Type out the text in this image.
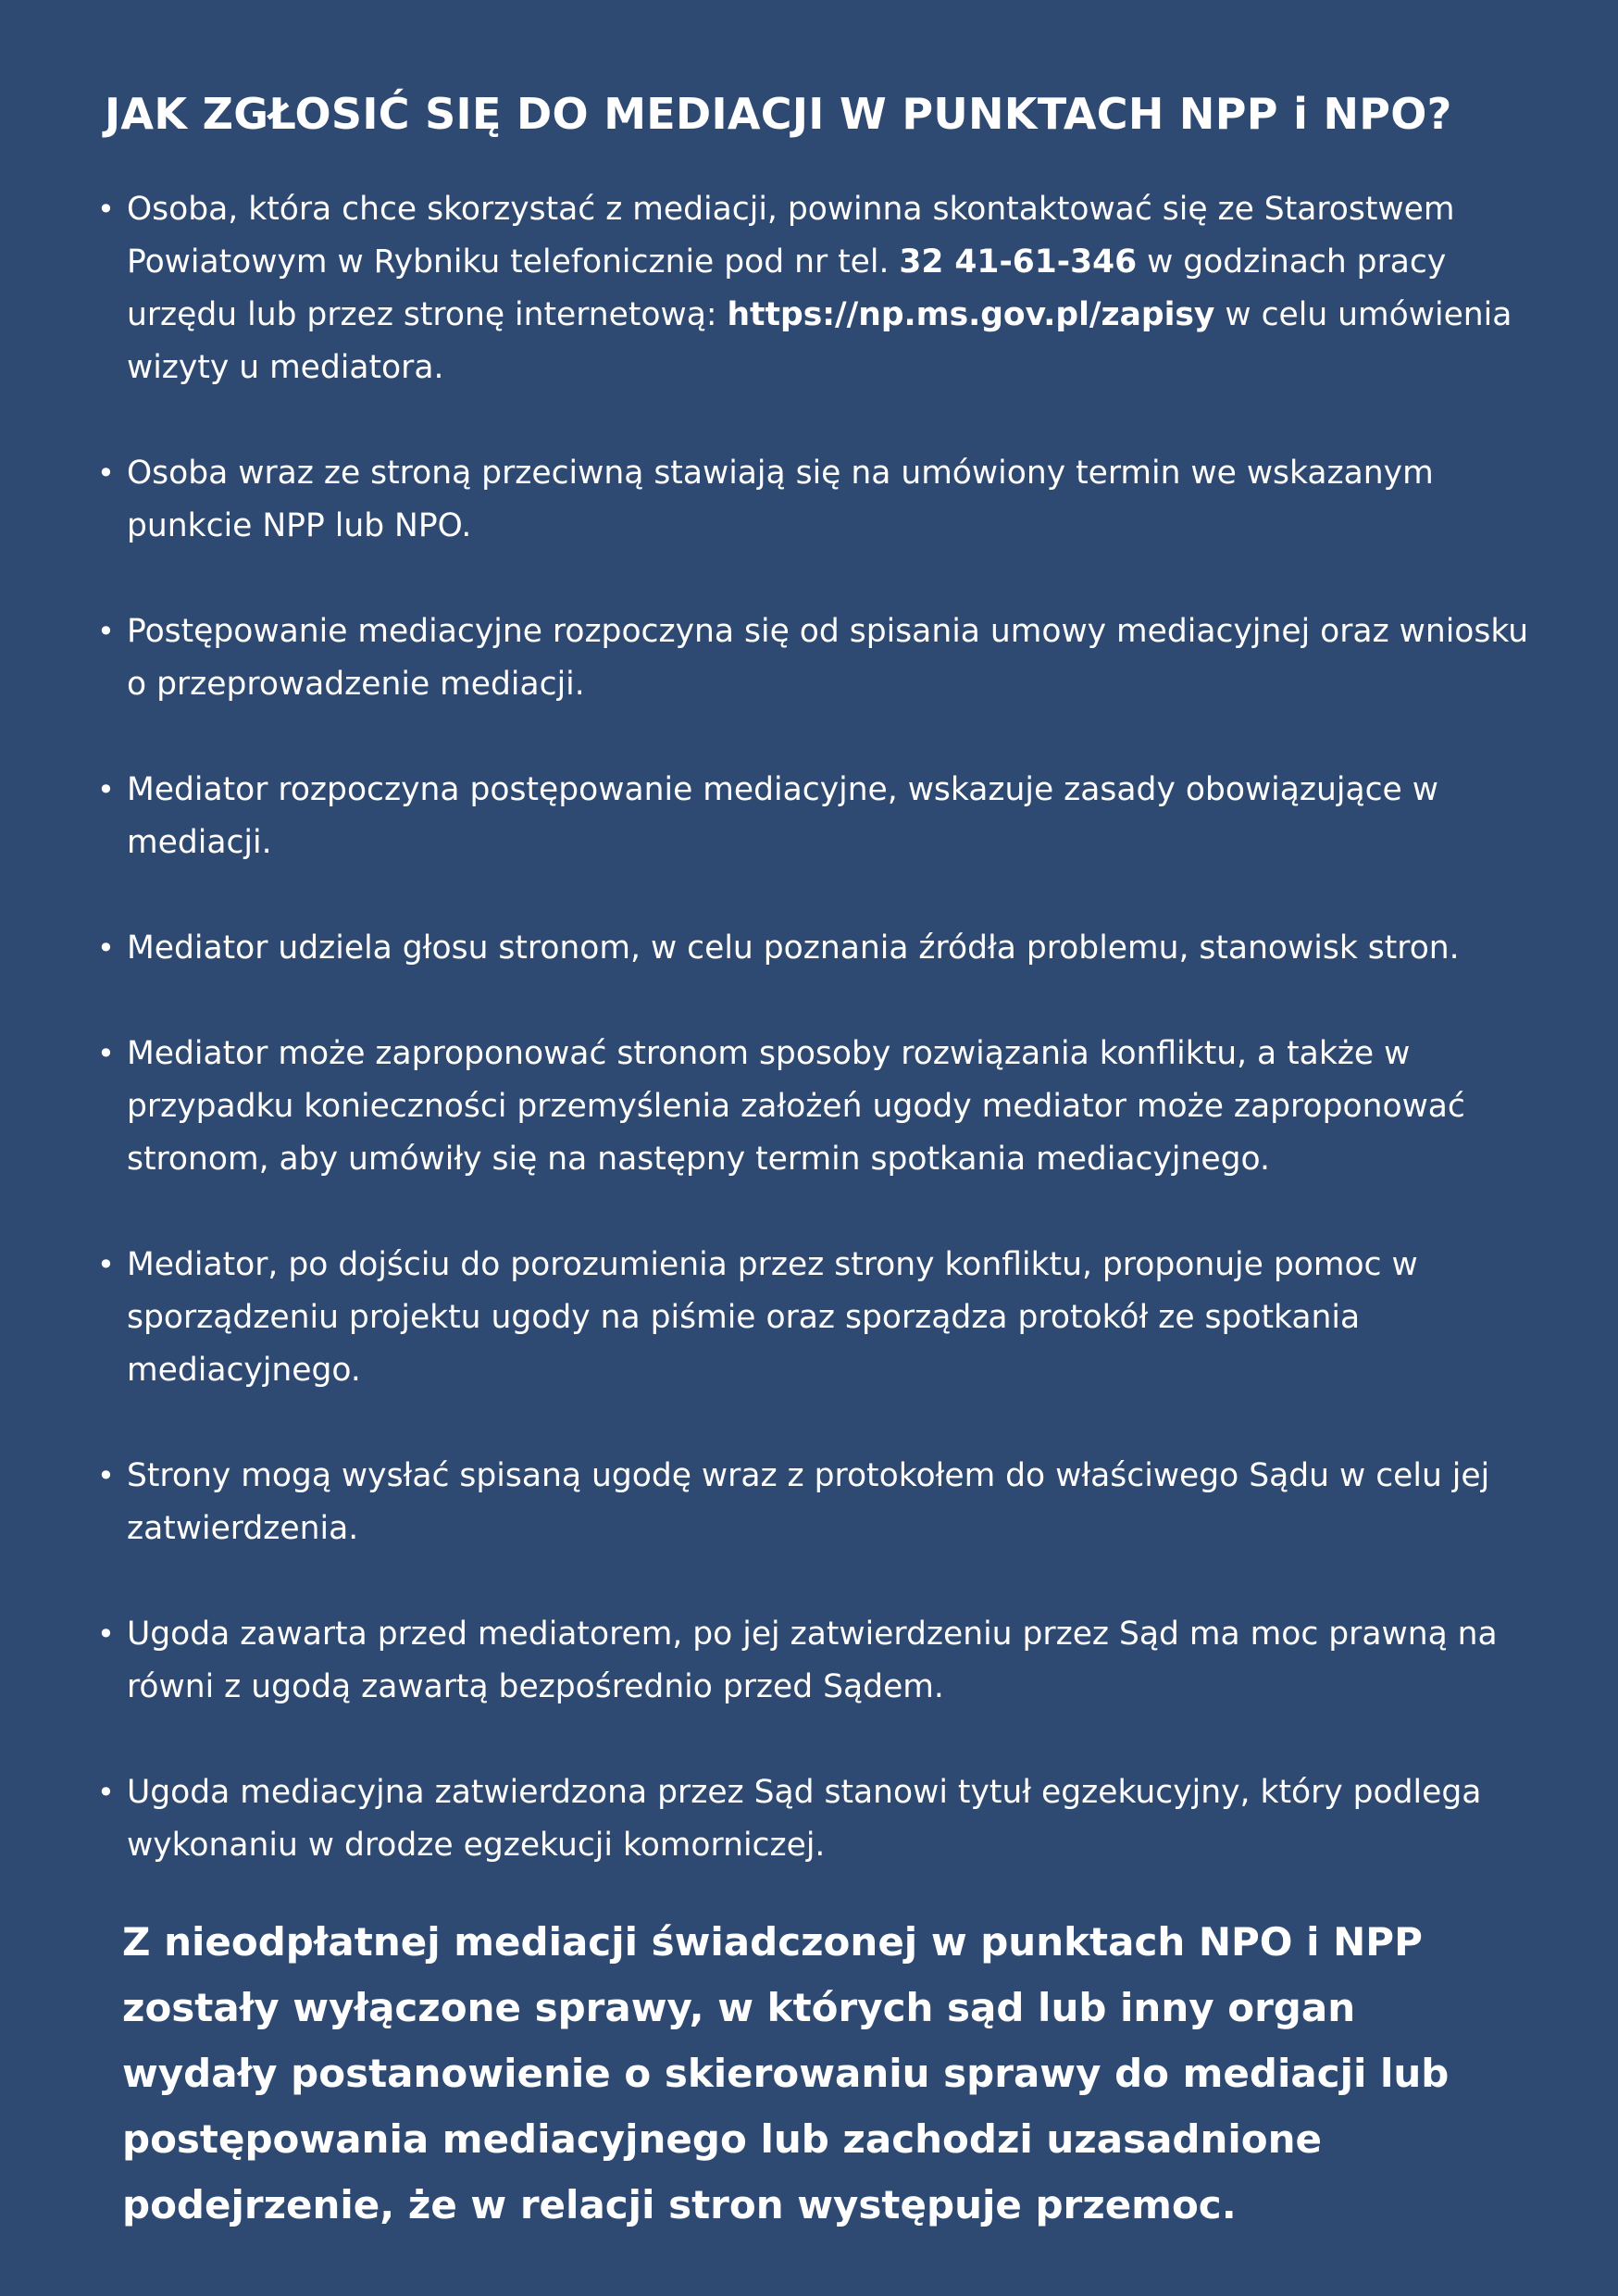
JAK ZGŁOSIĆ SIĘ DO MEDIACJI W PUNKTACH NPP i NPO?
• Osoba, która chce skorzystać z mediacji, powinna skontaktować się ze Starostwem Powiatowym w Rybniku telefonicznie pod nr tel. 32 41-61-346 w godzinach pracy urzędu lub przez stronę internetową: https://np.ms.gov.pl/zapisy w celu umówienia wizyty u mediatora.
• Osoba wraz ze stroną przeciwną stawiają się na umówiony termin we wskazanym punkcie NPP lub NPO.
• Postępowanie mediacyjne rozpoczyna się od spisania umowy mediacyjnej oraz wniosku o przeprowadzenie mediacji.
• Mediator rozpoczyna postępowanie mediacyjne, wskazuje zasady obowiązujące w mediacji.
• Mediator udziela głosu stronom, w celu poznania źródła problemu, stanowisk stron.
• Mediator może zaproponować stronom sposoby rozwiązania konfliktu, a także w przypadku konieczności przemyślenia założeń ugody mediator może zaproponować stronom, aby umówiły się na następny termin spotkania mediacyjnego.
• Mediator, po dojściu do porozumienia przez strony konfliktu, proponuje pomoc w sporządzeniu projektu ugody na piśmie oraz sporządza protokół ze spotkania mediacyjnego.
• Strony mogą wysłać spisaną ugodę wraz z protokołem do właściwego Sądu w celu jej zatwierdzenia.
• Ugoda zawarta przed mediatorem, po jej zatwierdzeniu przez Sąd ma moc prawną na równi z ugodą zawartą bezpośrednio przed Sądem.
• Ugoda mediacyjna zatwierdzona przez Sąd stanowi tytuł egzekucyjny, który podlega wykonaniu w drodze egzekucji komorniczej.

Z nieodpłatnej mediacji świadczonej w punktach NPO i NPP zostały wyłączone sprawy, w których sąd lub inny organ wydały postanowienie o skierowaniu sprawy do mediacji lub postępowania mediacyjnego lub zachodzi uzasadnione podejrzenie, że w relacji stron występuje przemoc.
